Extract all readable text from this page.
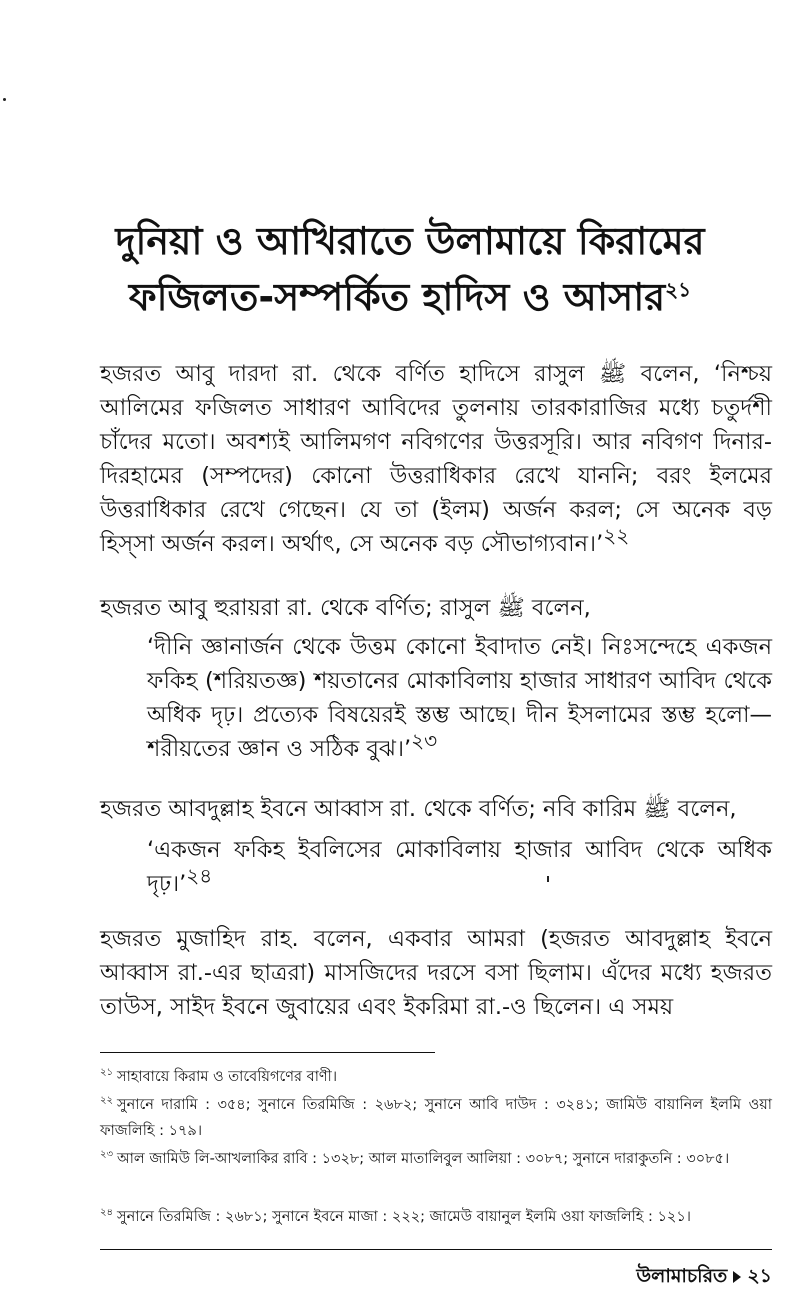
দুনিয়া ও আখিরাতে উলামায়ে কিরামের
ফজিলত-সম্পর্কিত হাদিস ও আসার$^{২১}$
হজরত আবু দারদা রা. থেকে বর্ণিত হাদিসে রাসুল ﷺ বলেন, ‘নিশ্চয় আলিমের ফজিলত সাধারণ আবিদের তুলনায় তারকারাজির মধ্যে চতুর্দশী চাঁদের মতো। অবশ্যই আলিমগণ নবিগণের উত্তরসূরি। আর নবিগণ দিনার-দিরহামের (সম্পদের) কোনো উত্তরাধিকার রেখে যাননি; বরং ইলমের উত্তরাধিকার রেখে গেছেন। যে তা (ইলম) অর্জন করল; সে অনেক বড় হিস্সা অর্জন করল। অর্থাৎ, সে অনেক বড় সৌভাগ্যবান।’২২
হজরত আবু হুরায়রা রা. থেকে বর্ণিত; রাসুল ﷺ বলেন,
‘দীনি জ্ঞানার্জন থেকে উত্তম কোনো ইবাদাত নেই। নিঃসন্দেহে একজন ফকিহ (শরিয়তজ্ঞ) শয়তানের মোকাবিলায় হাজার সাধারণ আবিদ থেকে অধিক দৃঢ়। প্রত্যেক বিষয়েরই স্তম্ভ আছে। দীন ইসলামের স্তম্ভ হলো—শরীয়তের জ্ঞান ও সঠিক বুঝ।’২৩
হজরত আবদুল্লাহ ইবনে আব্বাস রা. থেকে বর্ণিত; নবি কারিম ﷺ বলেন,
‘একজন ফকিহ ইবলিসের মোকাবিলায় হাজার আবিদ থেকে অধিক দৃঢ়।’২৪
হজরত মুজাহিদ রাহ. বলেন, একবার আমরা (হজরত আবদুল্লাহ ইবনে আব্বাস রা.-এর ছাত্ররা) মাসজিদের দরসে বসা ছিলাম। এঁদের মধ্যে হজরত তাউস, সাইদ ইবনে জুবায়ের এবং ইকরিমা রা.-ও ছিলেন। এ সময়
$^{২১}$ সাহাবায়ে কিরাম ও তাবেয়িগণের বাণী।
$^{২২}$ সুনানে দারামি : ৩৫৪; সুনানে তিরমিজি : ২৬৮২; সুনানে আবি দাউদ : ৩২৪১; জামিউ বায়ানিল ইলমি ওয়া ফাজলিহি : ১৭৯।
$^{২৩}$ আল জামিউ লি-আখলাকির রাবি : ১৩২৮; আল মাতালিবুল আলিয়া : ৩০৮৭; সুনানে দারাকুতনি : ৩০৮৫।
$^{২৪}$ সুনানে তিরমিজি : ২৬৮১; সুনানে ইবনে মাজা : ২২২; জামেউ বায়ানুল ইলমি ওয়া ফাজলিহি : ১২১।
উলামাচরিত ২১
